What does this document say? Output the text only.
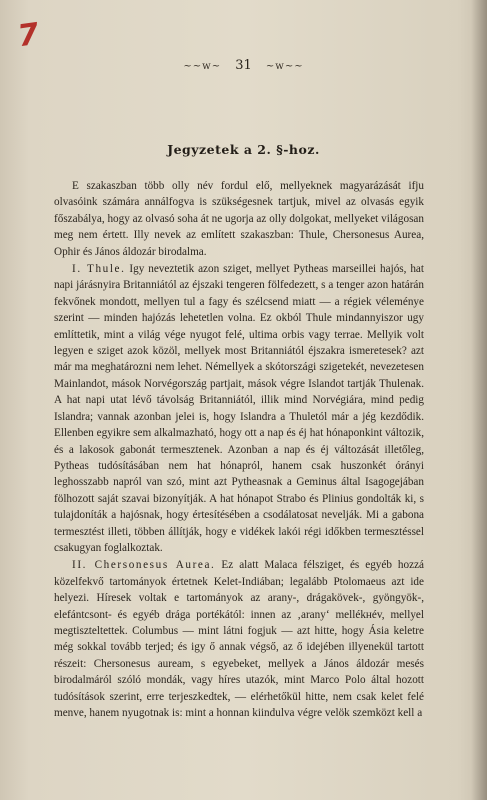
7
~~w~ 31 ~w~~
Jegyzetek a 2. §-hoz.

E szakaszban több olly név fordul elő, mellyeknek magyarázását ifju olvasóink számára annálfogva is szükségesnek tartjuk, mivel az olvasás egyik főszabálya, hogy az olvasó soha át ne ugorja az olly dolgokat, mellyeket világosan meg nem értett. Illy nevek az említett szakaszban: Thule, Chersonesus Aurea, Ophir és János áldozár birodalma.

I. Thule. Igy neveztetik azon sziget, mellyet Pytheas marseillei hajós, hat napi járásnyira Britanniától az éjszaki tengeren fölfedezett, s a tenger azon határán fekvőnek mondott, mellyen tul a fagy és szélcsend miatt — a régiek véleménye szerint — minden hajózás lehetetlen volna. Ez okból Thule mindannyiszor ugy említtetik, mint a világ vége nyugot felé, ultima orbis vagy terrae. Mellyik volt legyen e sziget azok közöl, mellyek most Britanniától éjszakra ismeretesek? azt már ma meghatározni nem lehet. Némellyek a skótországi szigetekét, nevezetesen Mainlandot, mások Norvégország partjait, mások végre Islandot tartják Thulenak. A hat napi utat lévő távolság Britanniától, illik mind Norvégiára, mind pedig Islandra; vannak azonban jelei is, hogy Islandra a Thuletól már a jég kezdődik. Ellenben egyikre sem alkalmazható, hogy ott a nap és éj hat hónaponkint változik, és a lakosok gabonát termesztenek. Azonban a nap és éj változását illetőleg, Pytheas tudósításában nem hat hónapról, hanem csak huszonkét órányi leghosszabb napról van szó, mint azt Pytheasnak a Geminus által Isagogejában fölhozott saját szavai bizonyítják. A hat hónapot Strabo és Plinius gondolták ki, s tulajdoníták a hajósnak, hogy értesítésében a csodálatosat nevelják. Mi a gabona termesztést illeti, többen állítják, hogy e vidékek lakói régi időkben termesztéssel csakugyan foglalkoztak.

II. Chersonesus Aurea. Ez alatt Malaca félsziget, és egyéb hozzá közelfekvő tartományok értetnek Kelet-Indiában; legalább Ptolomaeus azt ide helyezi. Híresek voltak e tartományok az arany-, drágakövek-, gyöngyök-, elefántcsont- és egyéb drága portékától: innen az ‚arany‘ mellékнév, mellyel megtiszteltettek. Columbus — mint látni fogjuk — azt hitte, hogy Ásia keletre még sokkal tovább terjed; és igy ő annak végső, az ő idejében illyenekül tartott részeit: Chersonesus auream, s egyebeket, mellyek a János áldozár mesés birodalmáról szóló mondák, vagy híres utazók, mint Marco Polo által hozott tudósítások szerint, erre terjeszkedtek, — elérhetőkül hitte, nem csak kelet felé menve, hanem nyugotnak is: mint a honnan kiindulva végre velök szemközt kell a
